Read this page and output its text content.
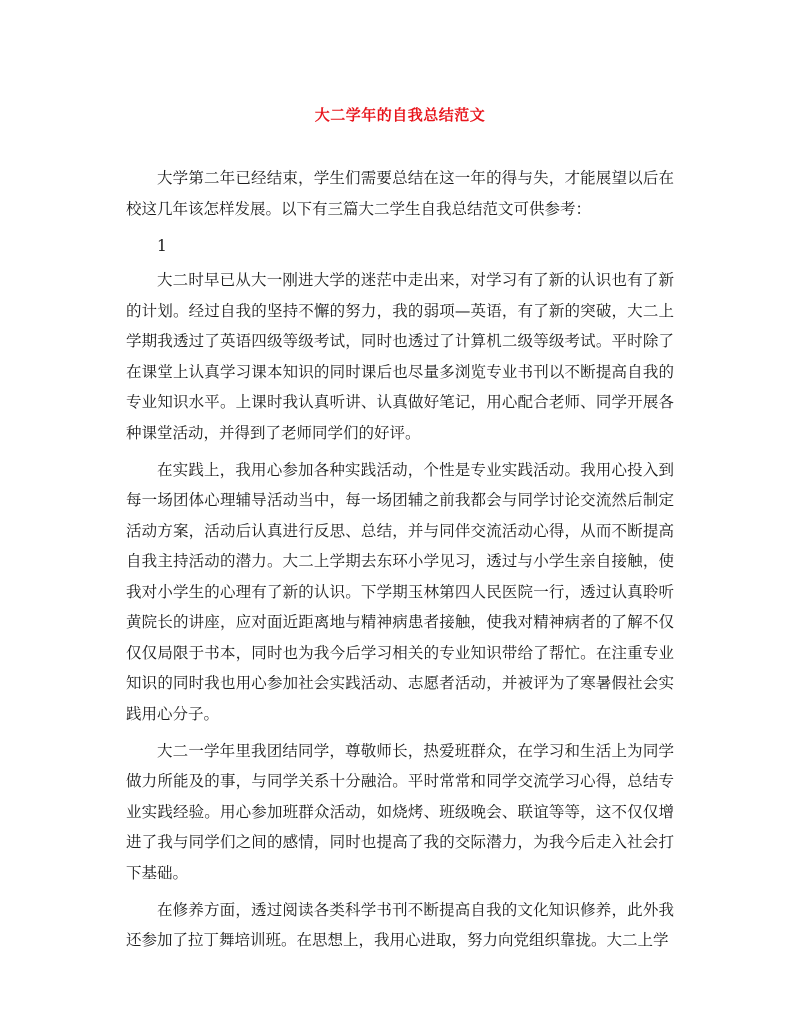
大二学年的自我总结范文

大学第二年已经结束，学生们需要总结在这一年的得与失，才能展望以后在校这几年该怎样发展。以下有三篇大二学生自我总结范文可供参考：

1

大二时早已从大一刚进大学的迷茫中走出来，对学习有了新的认识也有了新的计划。经过自我的坚持不懈的努力，我的弱项—英语，有了新的突破，大二上学期我透过了英语四级等级考试，同时也透过了计算机二级等级考试。平时除了在课堂上认真学习课本知识的同时课后也尽量多浏览专业书刊以不断提高自我的专业知识水平。上课时我认真听讲、认真做好笔记，用心配合老师、同学开展各种课堂活动，并得到了老师同学们的好评。

在实践上，我用心参加各种实践活动，个性是专业实践活动。我用心投入到每一场团体心理辅导活动当中，每一场团辅之前我都会与同学讨论交流然后制定活动方案，活动后认真进行反思、总结，并与同伴交流活动心得，从而不断提高自我主持活动的潜力。大二上学期去东环小学见习，透过与小学生亲自接触，使我对小学生的心理有了新的认识。下学期玉林第四人民医院一行，透过认真聆听黄院长的讲座，应对面近距离地与精神病患者接触，使我对精神病者的了解不仅仅仅局限于书本，同时也为我今后学习相关的专业知识带给了帮忙。在注重专业知识的同时我也用心参加社会实践活动、志愿者活动，并被评为了寒暑假社会实践用心分子。

大二一学年里我团结同学，尊敬师长，热爱班群众，在学习和生活上为同学做力所能及的事，与同学关系十分融洽。平时常常和同学交流学习心得，总结专业实践经验。用心参加班群众活动，如烧烤、班级晚会、联谊等等，这不仅仅增进了我与同学们之间的感情，同时也提高了我的交际潜力，为我今后走入社会打下基础。

在修养方面，透过阅读各类科学书刊不断提高自我的文化知识修养，此外我还参加了拉丁舞培训班。在思想上，我用心进取，努力向党组织靠拢。大二上学
